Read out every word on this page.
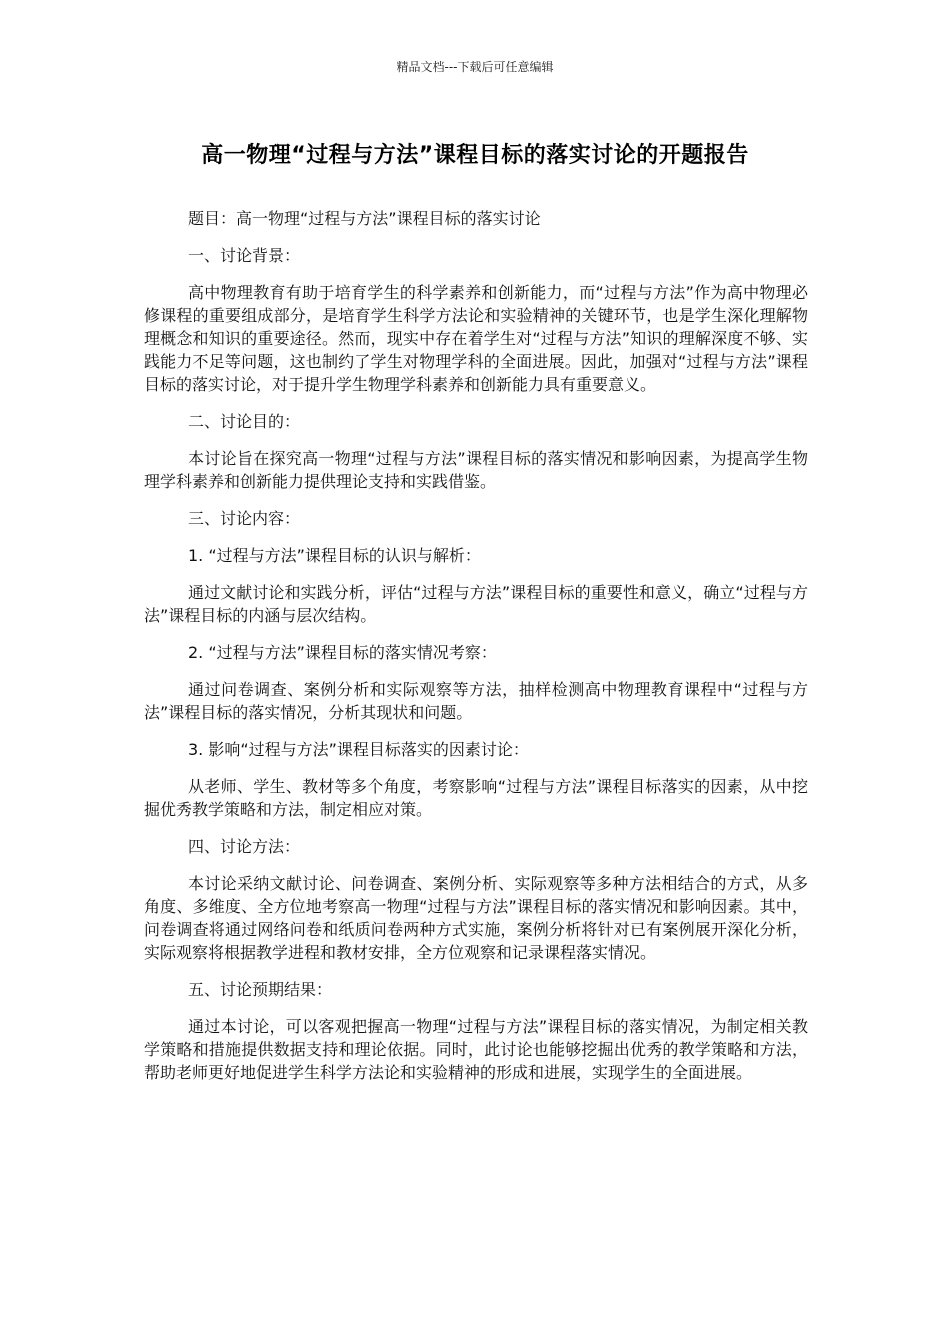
精品文档---下载后可任意编辑
高一物理“过程与方法”课程目标的落实讨论的开题报告

题目：高一物理“过程与方法”课程目标的落实讨论

一、讨论背景：

高中物理教育有助于培育学生的科学素养和创新能力，而“过程与方法”作为高中物理必修课程的重要组成部分，是培育学生科学方法论和实验精神的关键环节，也是学生深化理解物理概念和知识的重要途径。然而，现实中存在着学生对“过程与方法”知识的理解深度不够、实践能力不足等问题，这也制约了学生对物理学科的全面进展。因此，加强对“过程与方法”课程目标的落实讨论，对于提升学生物理学科素养和创新能力具有重要意义。

二、讨论目的：

本讨论旨在探究高一物理“过程与方法”课程目标的落实情况和影响因素，为提高学生物理学科素养和创新能力提供理论支持和实践借鉴。

三、讨论内容：

1. “过程与方法”课程目标的认识与解析：

通过文献讨论和实践分析，评估“过程与方法”课程目标的重要性和意义，确立“过程与方法”课程目标的内涵与层次结构。

2. “过程与方法”课程目标的落实情况考察：

通过问卷调查、案例分析和实际观察等方法，抽样检测高中物理教育课程中“过程与方法”课程目标的落实情况，分析其现状和问题。

3. 影响“过程与方法”课程目标落实的因素讨论：

从老师、学生、教材等多个角度，考察影响“过程与方法”课程目标落实的因素，从中挖掘优秀教学策略和方法，制定相应对策。

四、讨论方法：

本讨论采纳文献讨论、问卷调查、案例分析、实际观察等多种方法相结合的方式，从多角度、多维度、全方位地考察高一物理“过程与方法”课程目标的落实情况和影响因素。其中，问卷调查将通过网络问卷和纸质问卷两种方式实施，案例分析将针对已有案例展开深化分析，实际观察将根据教学进程和教材安排，全方位观察和记录课程落实情况。

五、讨论预期结果：

通过本讨论，可以客观把握高一物理“过程与方法”课程目标的落实情况，为制定相关教学策略和措施提供数据支持和理论依据。同时，此讨论也能够挖掘出优秀的教学策略和方法，帮助老师更好地促进学生科学方法论和实验精神的形成和进展，实现学生的全面进展。
